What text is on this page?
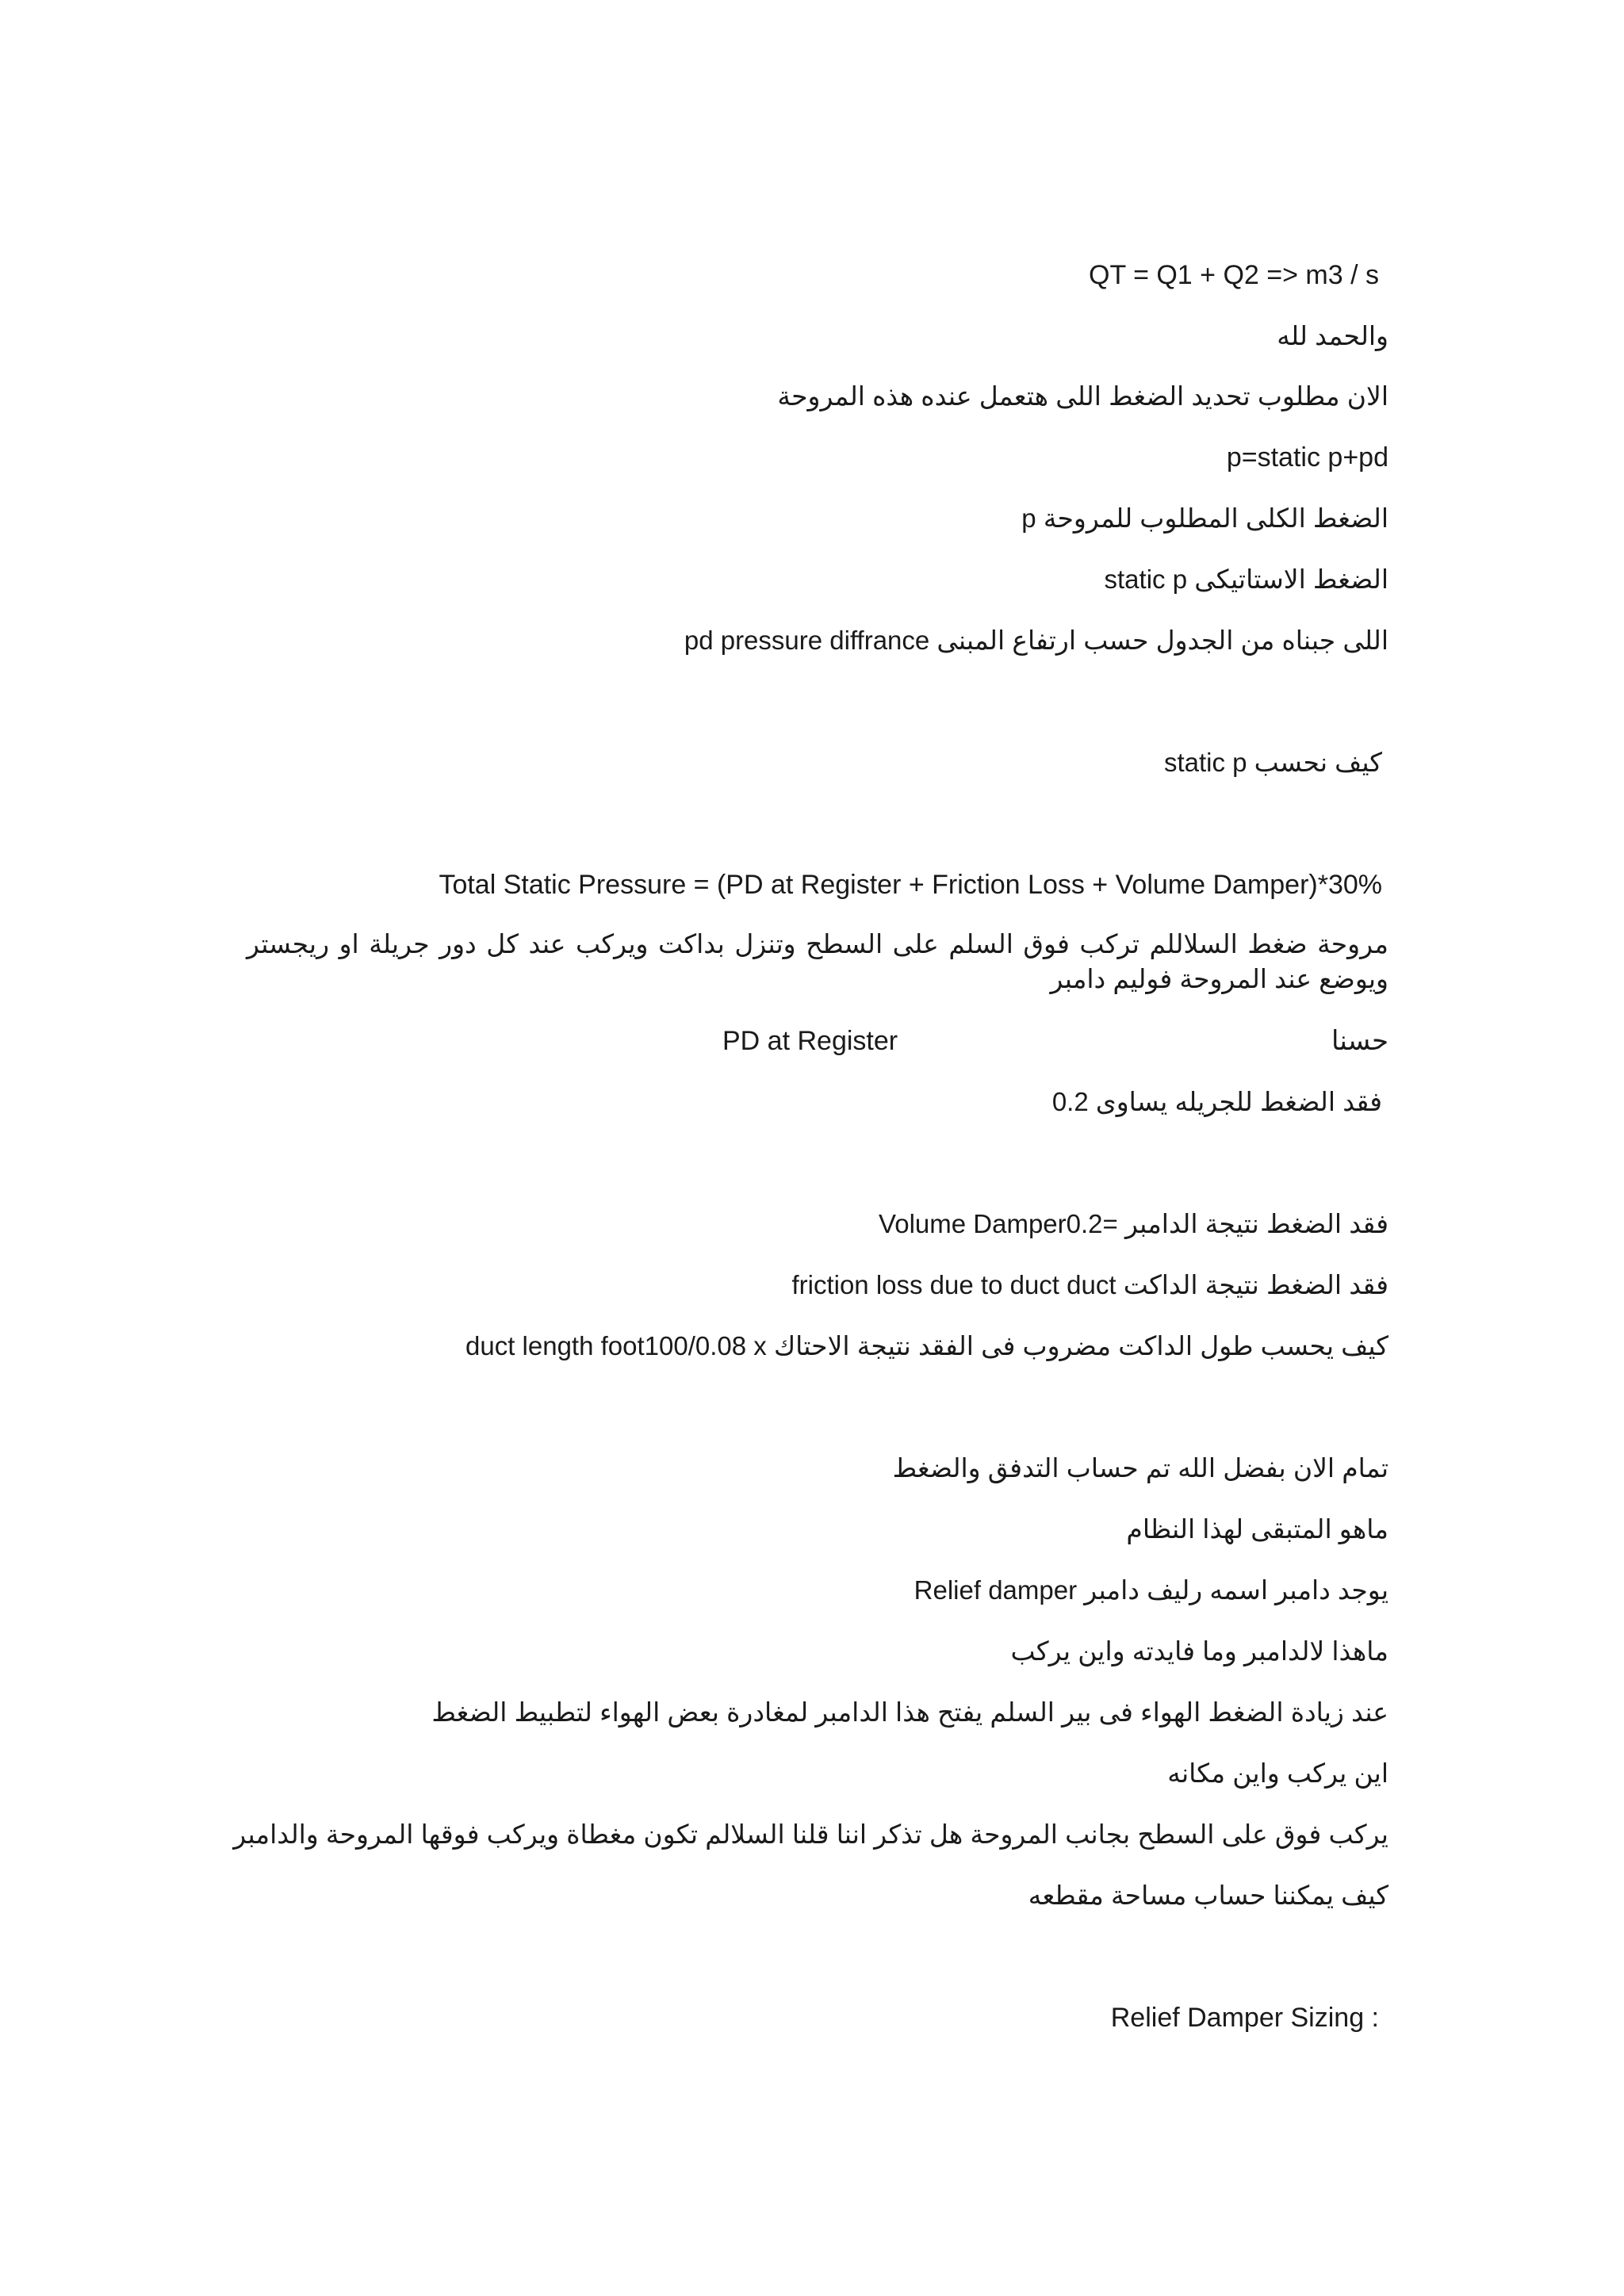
QT = Q1 + Q2 => m3 / s

والحمد لله

الان مطلوب تحديد الضغط اللى هتعمل عنده هذه المروحة

p=static p+pd

p الضغط الكلى المطلوب للمروحة

static p الضغط الاستاتيكى

pd pressure diffrance اللى جبناه من الجدول حسب ارتفاع المبنى

كيف نحسب static p

Total Static Pressure = (PD at Register + Friction Loss + Volume Damper)*30%

مروحة ضغط السلاللم تركب فوق السلم على السطح وتنزل بداكت ويركب عند كل دور جريلة او ريجستر ويوضع عند المروحة فوليم دامبر

حسنا
PD at Register

فقد الضغط للجريله يساوى 0.2

Volume Damperفقد الضغط نتيجة الدامبر =0.2

friction loss due to duct duct فقد الضغط نتيجة الداكت

كيف يحسب طول الداكت مضروب فى الفقد نتيجة الاحتاك duct length foot100/0.08 x

تمام الان بفضل الله تم حساب التدفق والضغط

ماهو المتبقى لهذا النظام

يوجد دامبر اسمه رليف دامبر Relief damper

ماهذا لالدامبر وما فايدته واين يركب

عند زيادة الضغط الهواء فى بير السلم يفتح هذا الدامبر لمغادرة بعض الهواء لتطبيط الضغط

اين يركب واين مكانه

يركب فوق على السطح بجانب المروحة هل تذكر اننا قلنا السلالم تكون مغطاة ويركب فوقها المروحة والدامبر

كيف يمكننا حساب مساحة مقطعه

Relief Damper Sizing :
